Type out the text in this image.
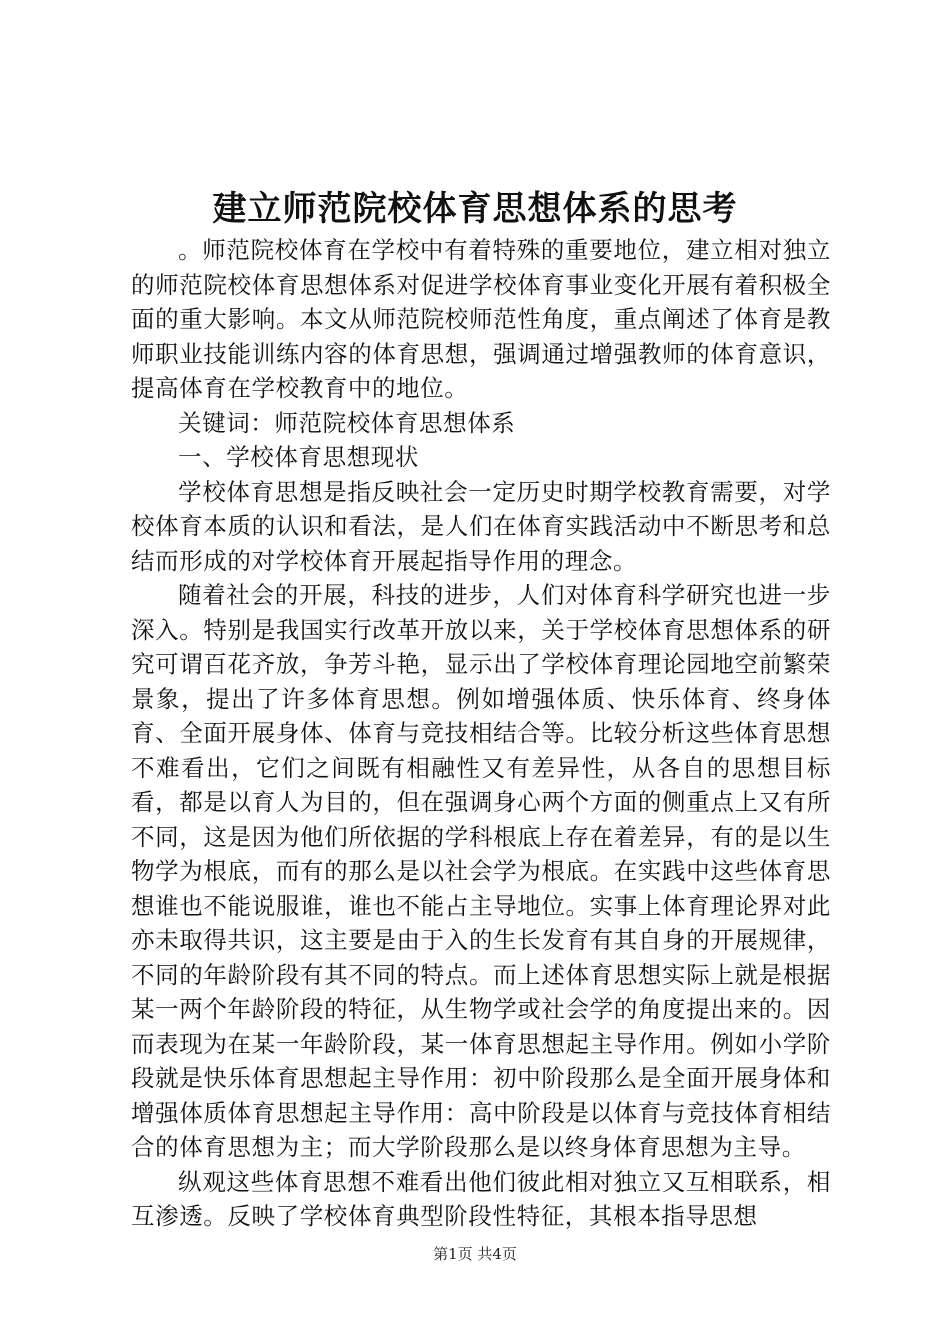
建立师范院校体育思想体系的思考

。师范院校体育在学校中有着特殊的重要地位，建立相对独立的师范院校体育思想体系对促进学校体育事业变化开展有着积极全面的重大影响。本文从师范院校师范性角度，重点阐述了体育是教师职业技能训练内容的体育思想，强调通过增强教师的体育意识，提高体育在学校教育中的地位。

关键词：师范院校体育思想体系

一、学校体育思想现状

学校体育思想是指反映社会一定历史时期学校教育需要，对学校体育本质的认识和看法，是人们在体育实践活动中不断思考和总结而形成的对学校体育开展起指导作用的理念。

随着社会的开展，科技的进步，人们对体育科学研究也进一步深入。特别是我国实行改革开放以来，关于学校体育思想体系的研究可谓百花齐放，争芳斗艳，显示出了学校体育理论园地空前繁荣景象，提出了许多体育思想。例如增强体质、快乐体育、终身体育、全面开展身体、体育与竞技相结合等。比较分析这些体育思想不难看出，它们之间既有相融性又有差异性，从各自的思想目标看，都是以育人为目的，但在强调身心两个方面的侧重点上又有所不同，这是因为他们所依据的学科根底上存在着差异，有的是以生物学为根底，而有的那么是以社会学为根底。在实践中这些体育思想谁也不能说服谁，谁也不能占主导地位。实事上体育理论界对此亦未取得共识，这主要是由于入的生长发育有其自身的开展规律，不同的年龄阶段有其不同的特点。而上述体育思想实际上就是根据某一两个年龄阶段的特征，从生物学或社会学的角度提出来的。因而表现为在某一年龄阶段，某一体育思想起主导作用。例如小学阶段就是快乐体育思想起主导作用：初中阶段那么是全面开展身体和增强体质体育思想起主导作用：高中阶段是以体育与竞技体育相结合的体育思想为主；而大学阶段那么是以终身体育思想为主导。

纵观这些体育思想不难看出他们彼此相对独立又互相联系，相互渗透。反映了学校体育典型阶段性特征，其根本指导思想

第1页 共4页
